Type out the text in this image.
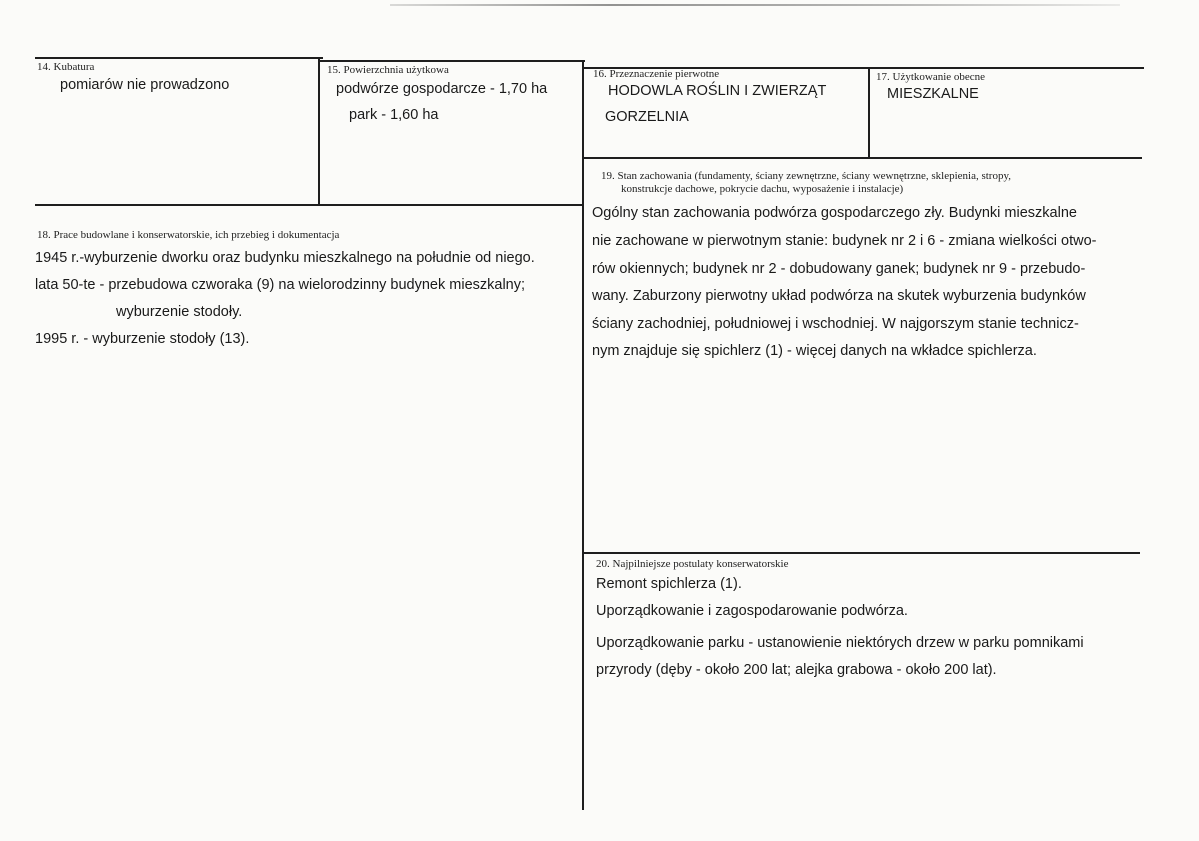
14. Kubatura
pomiarów nie prowadzono
15. Powierzchnia użytkowa
podwórze gospodarcze - 1,70 ha
park - 1,60 ha
16. Przeznaczenie pierwotne
HODOWLA ROŚLIN I ZWIERZĄT
GORZELNIA
17. Użytkowanie obecne
MIESZKALNE
18. Prace budowlane i konserwatorskie, ich przebieg i dokumentacja
1945 r.-wyburzenie dworku oraz budynku mieszkalnego na południe od niego.
lata 50-te - przebudowa czworaka (9) na wielorodzinny budynek mieszkalny;
wyburzenie stodoły.
1995 r. - wyburzenie stodoły (13).
19. Stan zachowania (fundamenty, ściany zewnętrzne, ściany wewnętrzne, sklepienia, stropy,
konstrukcje dachowe, pokrycie dachu, wyposażenie i instalacje)
Ogólny stan zachowania podwórza gospodarczego zły. Budynki mieszkalne
nie zachowane w pierwotnym stanie: budynek nr 2 i 6 - zmiana wielkości otwo-
rów okiennych; budynek nr 2 - dobudowany ganek; budynek nr 9 - przebudo-
wany. Zaburzony pierwotny układ podwórza na skutek wyburzenia budynków
ściany zachodniej, południowej i wschodniej. W najgorszym stanie technicz-
nym znajduje się spichlerz (1) - więcej danych na wkładce spichlerza.
20. Najpilniejsze postulaty konserwatorskie
Remont spichlerza (1).
Uporządkowanie i zagospodarowanie podwórza.
Uporządkowanie parku - ustanowienie niektórych drzew w parku pomnikami
przyrody (dęby - około 200 lat; alejka grabowa - około 200 lat).
